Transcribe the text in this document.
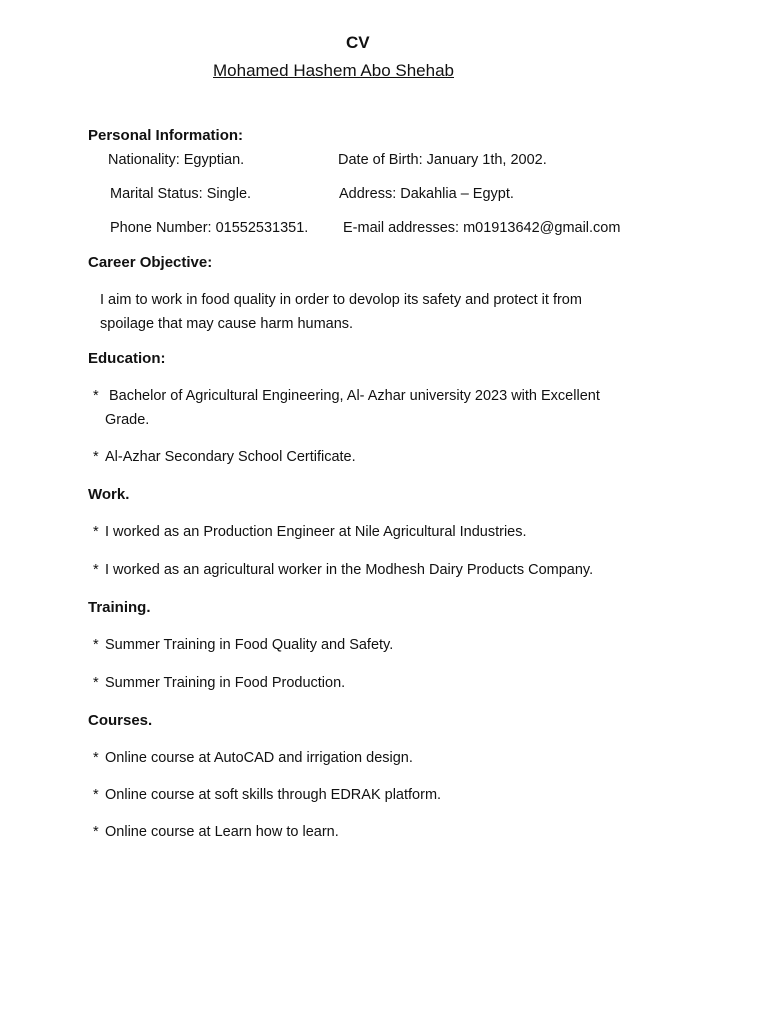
CV
Mohamed Hashem Abo Shehab
Personal Information:
Nationality: Egyptian.	Date of Birth: January 1th, 2002.
Marital Status: Single.	Address: Dakahlia – Egypt.
Phone Number: 01552531351. E-mail addresses: m01913642@gmail.com
Career Objective:
I aim to work in food quality in order to devolop its safety and protect it from
spoilage that may cause harm humans.
Education:
* Bachelor of Agricultural Engineering, Al- Azhar university 2023 with Excellent
Grade.
* Al-Azhar Secondary School Certificate.
Work.
* I worked as an Production Engineer at Nile Agricultural Industries.
* I worked as an agricultural worker in the Modhesh Dairy Products Company.
Training.
* Summer Training in Food Quality and Safety.
* Summer Training in Food Production.
Courses.
* Online course at AutoCAD and irrigation design.
* Online course at soft skills through EDRAK platform.
* Online course at Learn how to learn.
